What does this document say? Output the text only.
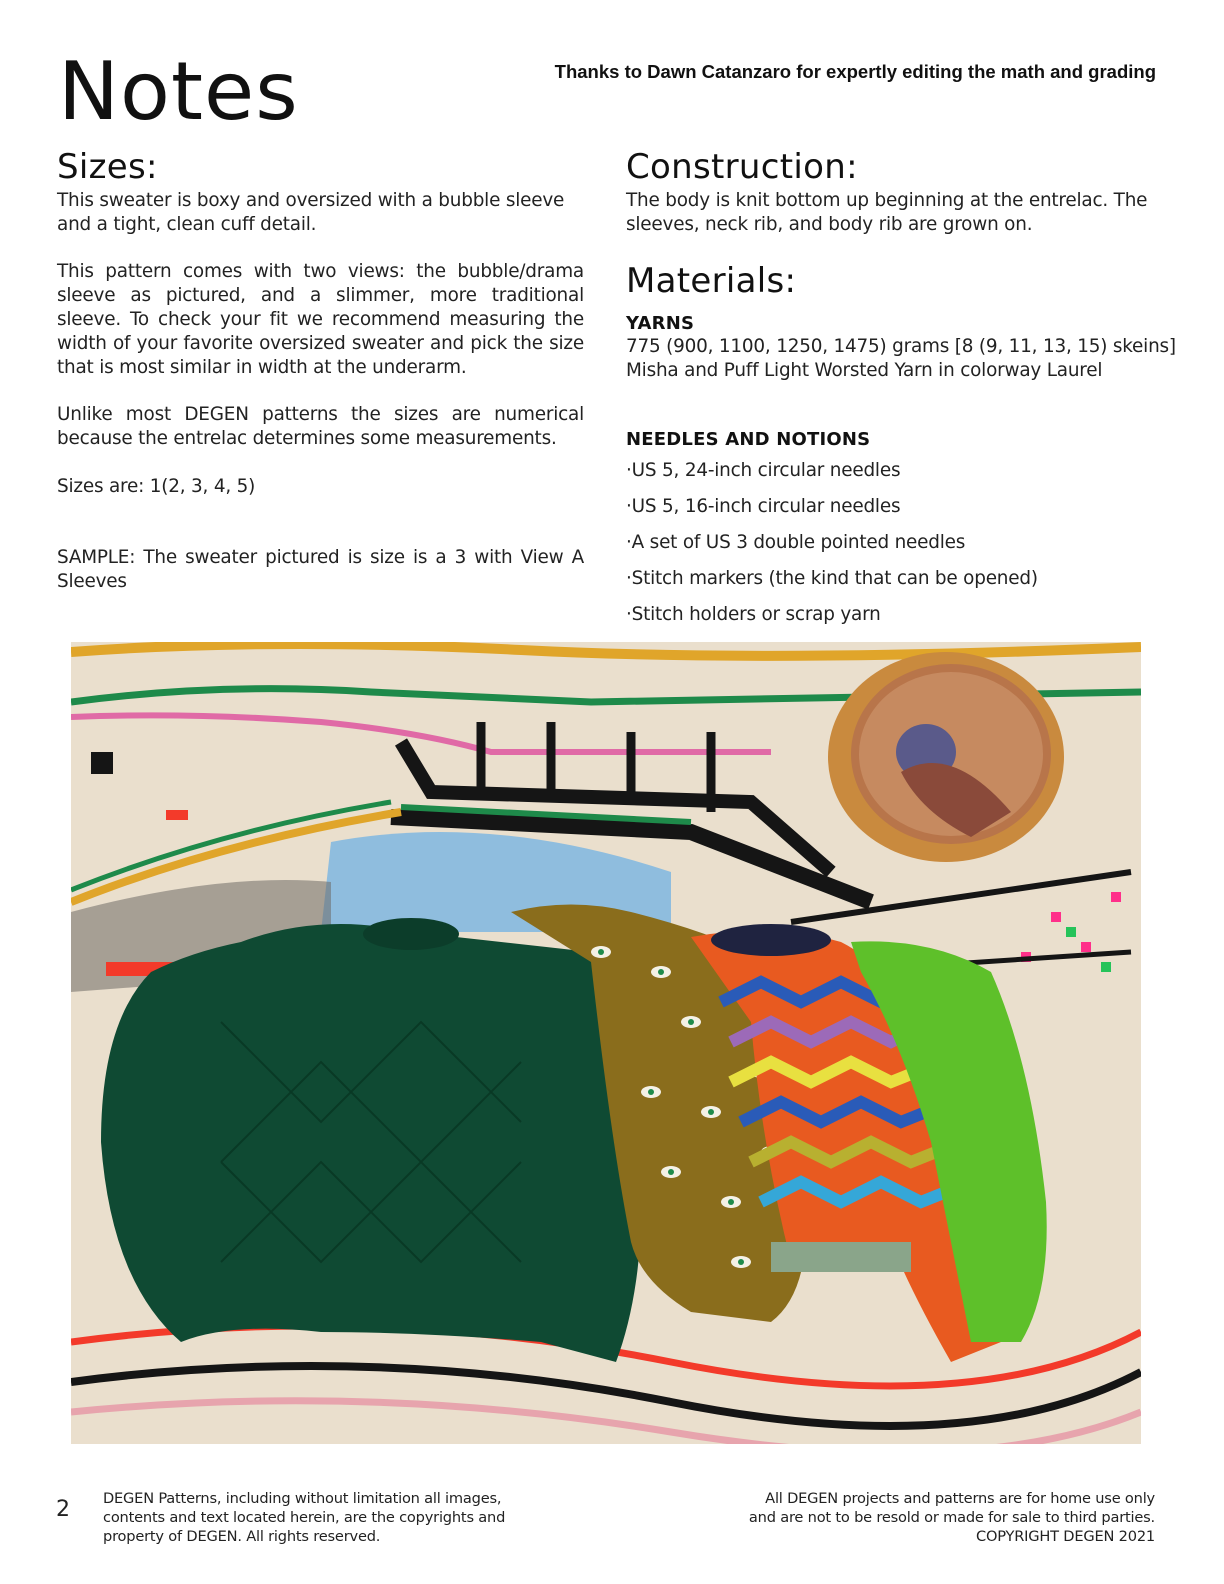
Notes	Thanks to Dawn Catanzaro for expertly editing the math and grading
Sizes:
This sweater is boxy and oversized with a bubble sleeve and a tight, clean cuff detail.
This pattern comes with two views: the bubble/drama sleeve as pictured, and a slimmer, more traditional sleeve. To check your fit we recommend measuring the width of your favorite oversized sweater and pick the size that is most similar in width at the underarm.
Unlike most DEGEN patterns the sizes are numerical because the entrelac determines some measurements.
Sizes are: 1(2, 3, 4, 5)
SAMPLE: The sweater pictured is size is a 3 with View A Sleeves
Construction:
The body is knit bottom up beginning at the entrelac. The sleeves, neck rib, and body rib are grown on.
Materials:
YARNS
775 (900, 1100, 1250, 1475) grams [8 (9, 11, 13, 15) skeins]
Misha and Puff Light Worsted Yarn in colorway Laurel
NEEDLES AND NOTIONS
·US 5, 24-inch circular needles
·US 5, 16-inch circular needles
·A set of US 3 double pointed needles
·Stitch markers (the kind that can be opened)
·Stitch holders or scrap yarn
2 DEGEN Patterns, including without limitation all images,
contents and text located herein, are the copyrights and
property of DEGEN. All rights reserved.
All DEGEN projects and patterns are for home use only
and are not to be resold or made for sale to third parties.
COPYRIGHT DEGEN 2021
